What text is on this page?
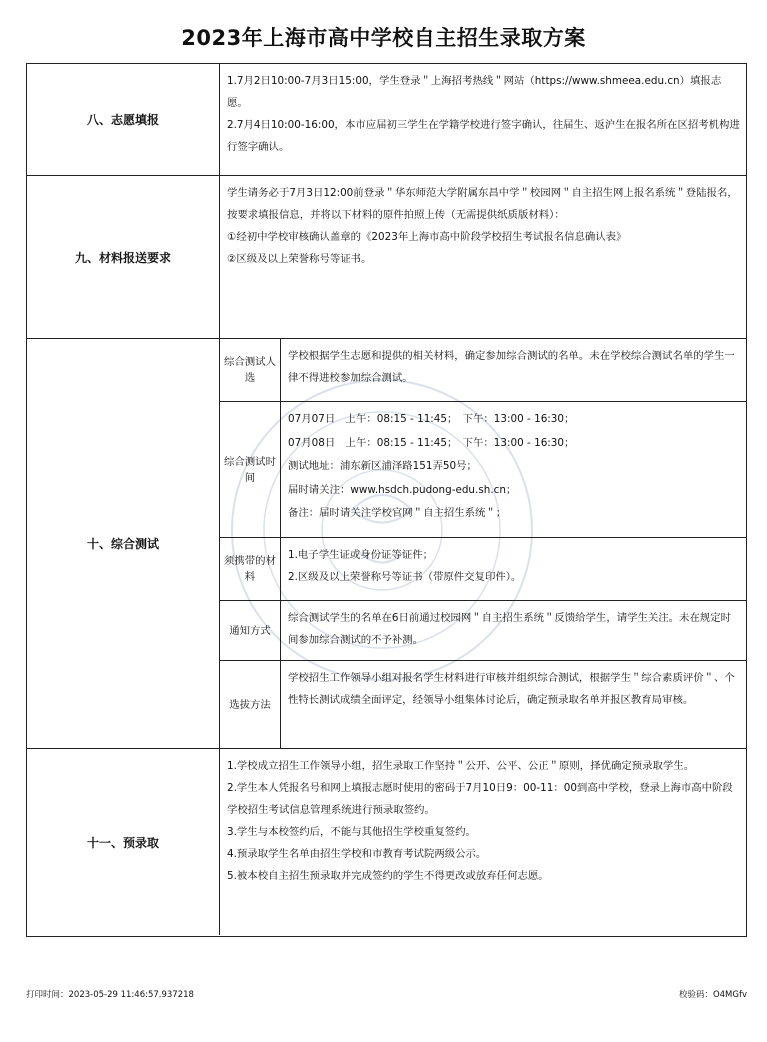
2023年上海市高中学校自主招生录取方案
八、志愿填报

1.7月2日10:00-7月3日15:00，学生登录＂上海招考热线＂网站（https://www.shmeea.edu.cn）填报志愿。

2.7月4日10:00-16:00，本市应届初三学生在学籍学校进行签字确认，往届生、返沪生在报名所在区招考机构进行签字确认。

九、材料报送要求

学生请务必于7月3日12:00前登录＂华东师范大学附属东昌中学＂校园网＂自主招生网上报名系统＂登陆报名，按要求填报信息，并将以下材料的原件拍照上传（无需提供纸质版材料）：

①经初中学校审核确认盖章的《2023年上海市高中阶段学校招生考试报名信息确认表》

②区级及以上荣誉称号等证书。

十、综合测试
综合测试人选

学校根据学生志愿和提供的相关材料，确定参加综合测试的名单。未在学校综合测试名单的学生一律不得进校参加综合测试。

综合测试时间

07月07日　上午：08:15 - 11:45；　下午：13:00 - 16:30；

07月08日　上午：08:15 - 11:45；　下午：13:00 - 16:30；

测试地址：浦东新区浦泽路151弄50号；

届时请关注：www.hsdch.pudong-edu.sh.cn；

备注：届时请关注学校官网＂自主招生系统＂；

须携带的材料

1.电子学生证或身份证等证件；

2.区级及以上荣誉称号等证书（带原件交复印件）。

通知方式

综合测试学生的名单在6日前通过校园网＂自主招生系统＂反馈给学生，请学生关注。未在规定时间参加综合测试的不予补测。

选拔方法

学校招生工作领导小组对报名学生材料进行审核并组织综合测试，根据学生＂综合素质评价＂、个性特长测试成绩全面评定，经领导小组集体讨论后，确定预录取名单并报区教育局审核。

十一、预录取

1.学校成立招生工作领导小组，招生录取工作坚持＂公开、公平、公正＂原则，择优确定预录取学生。

2.学生本人凭报名号和网上填报志愿时使用的密码于7月10日9：00-11：00到高中学校，登录上海市高中阶段学校招生考试信息管理系统进行预录取签约。

3.学生与本校签约后，不能与其他招生学校重复签约。

4.预录取学生名单由招生学校和市教育考试院两级公示。

5.被本校自主招生预录取并完成签约的学生不得更改或放弃任何志愿。

打印时间：2023-05-29 11:46:57.937218	校验码：O4MGfv
